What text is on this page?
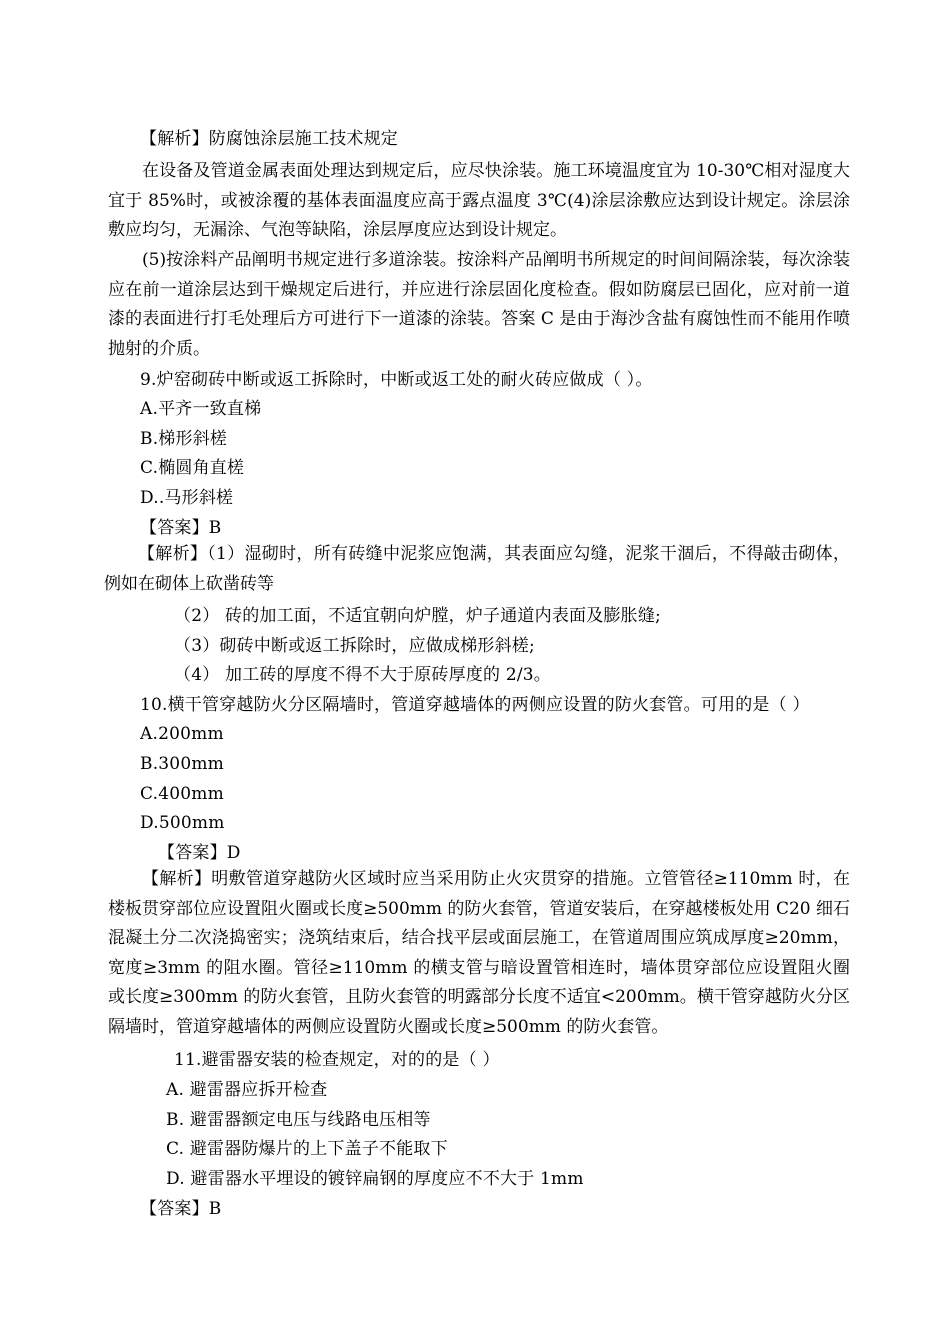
【解析】防腐蚀涂层施工技术规定
在设备及管道金属表面处理达到规定后，应尽快涂装。施工环境温度宜为 10-30℃相对湿度大宜于 85%时，或被涂覆的基体表面温度应高于露点温度 3℃(4)涂层涂敷应达到设计规定。涂层涂敷应均匀，无漏涂、气泡等缺陷，涂层厚度应达到设计规定。
(5)按涂料产品阐明书规定进行多道涂装。按涂料产品阐明书所规定的时间间隔涂装，每次涂装应在前一道涂层达到干燥规定后进行，并应进行涂层固化度检查。假如防腐层已固化，应对前一道漆的表面进行打毛处理后方可进行下一道漆的涂装。答案 C 是由于海沙含盐有腐蚀性而不能用作喷抛射的介质。
9.炉窑砌砖中断或返工拆除时，中断或返工处的耐火砖应做成（ ）。
A.平齐一致直梯
B.梯形斜槎
C.椭圆角直槎
D..马形斜槎
【答案】B
【解析】（1）湿砌时，所有砖缝中泥浆应饱满，其表面应勾缝，泥浆干涸后，不得敲击砌体，例如在砌体上砍凿砖等
（2） 砖的加工面，不适宜朝向炉膛，炉子通道内表面及膨胀缝;
（3）砌砖中断或返工拆除时，应做成梯形斜槎;
（4） 加工砖的厚度不得不大于原砖厚度的 2/3。
10.横干管穿越防火分区隔墙时，管道穿越墙体的两侧应设置的防火套管。可用的是（ ）
A.200mm
B.300mm
C.400mm
D.500mm
【答案】D
【解析】明敷管道穿越防火区域时应当采用防止火灾贯穿的措施。立管管径≥110mm 时，在楼板贯穿部位应设置阻火圈或长度≥500mm 的防火套管，管道安装后，在穿越楼板处用 C20 细石混凝土分二次浇捣密实；浇筑结束后，结合找平层或面层施工，在管道周围应筑成厚度≥20mm，宽度≥3mm 的阻水圈。管径≥110mm 的横支管与暗设置管相连时，墙体贯穿部位应设置阻火圈或长度≥300mm 的防火套管，且防火套管的明露部分长度不适宜<200mm。横干管穿越防火分区隔墙时，管道穿越墙体的两侧应设置防火圈或长度≥500mm 的防火套管。
11.避雷器安装的检查规定，对的的是（ ）
A. 避雷器应拆开检查
B. 避雷器额定电压与线路电压相等
C. 避雷器防爆片的上下盖子不能取下
D. 避雷器水平埋设的镀锌扁钢的厚度应不不大于 1mm
【答案】B
